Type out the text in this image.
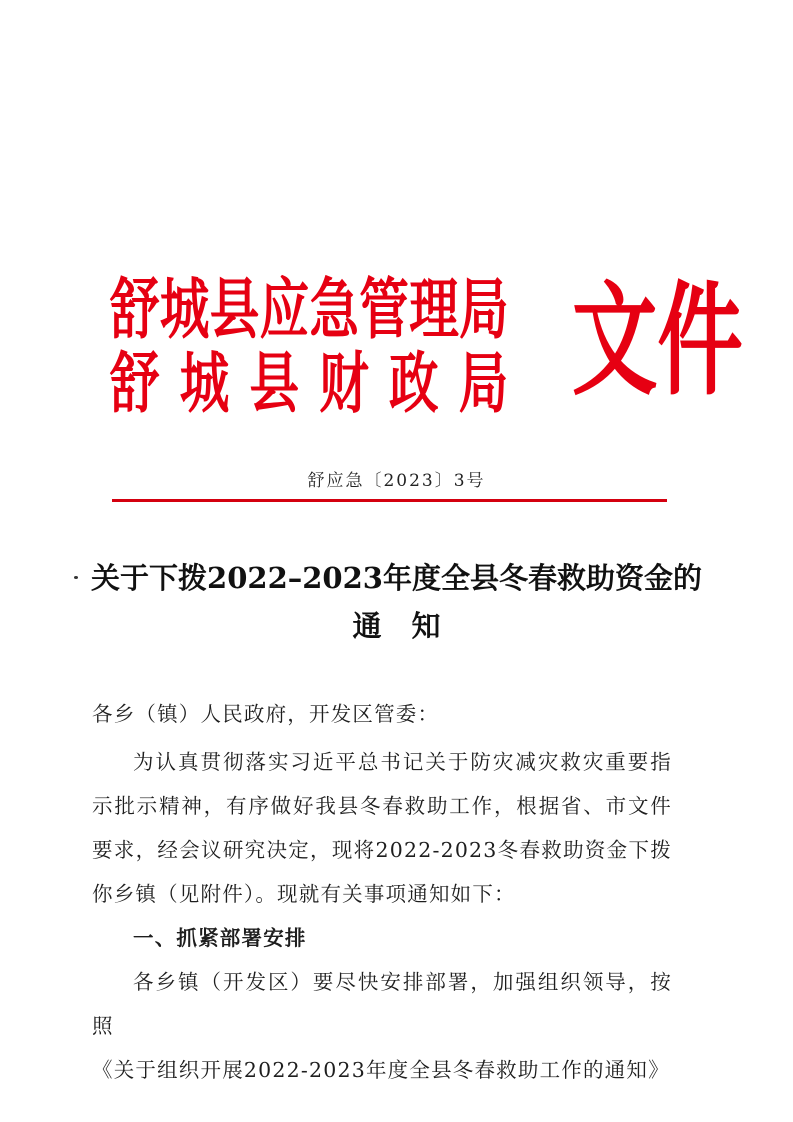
舒城县应急管理局
舒城县财政局 文件
舒应急〔2023〕3号
关于下拨2022–2023年度全县冬春救助资金的
通知

各乡（镇）人民政府，开发区管委：

为认真贯彻落实习近平总书记关于防灾减灾救灾重要指示批示精神，有序做好我县冬春救助工作，根据省、市文件要求，经会议研究决定，现将2022-2023冬春救助资金下拨你乡镇（见附件）。现就有关事项通知如下：

一、抓紧部署安排

各乡镇（开发区）要尽快安排部署，加强组织领导，按照

《关于组织开展2022-2023年度全县冬春救助工作的通知》
